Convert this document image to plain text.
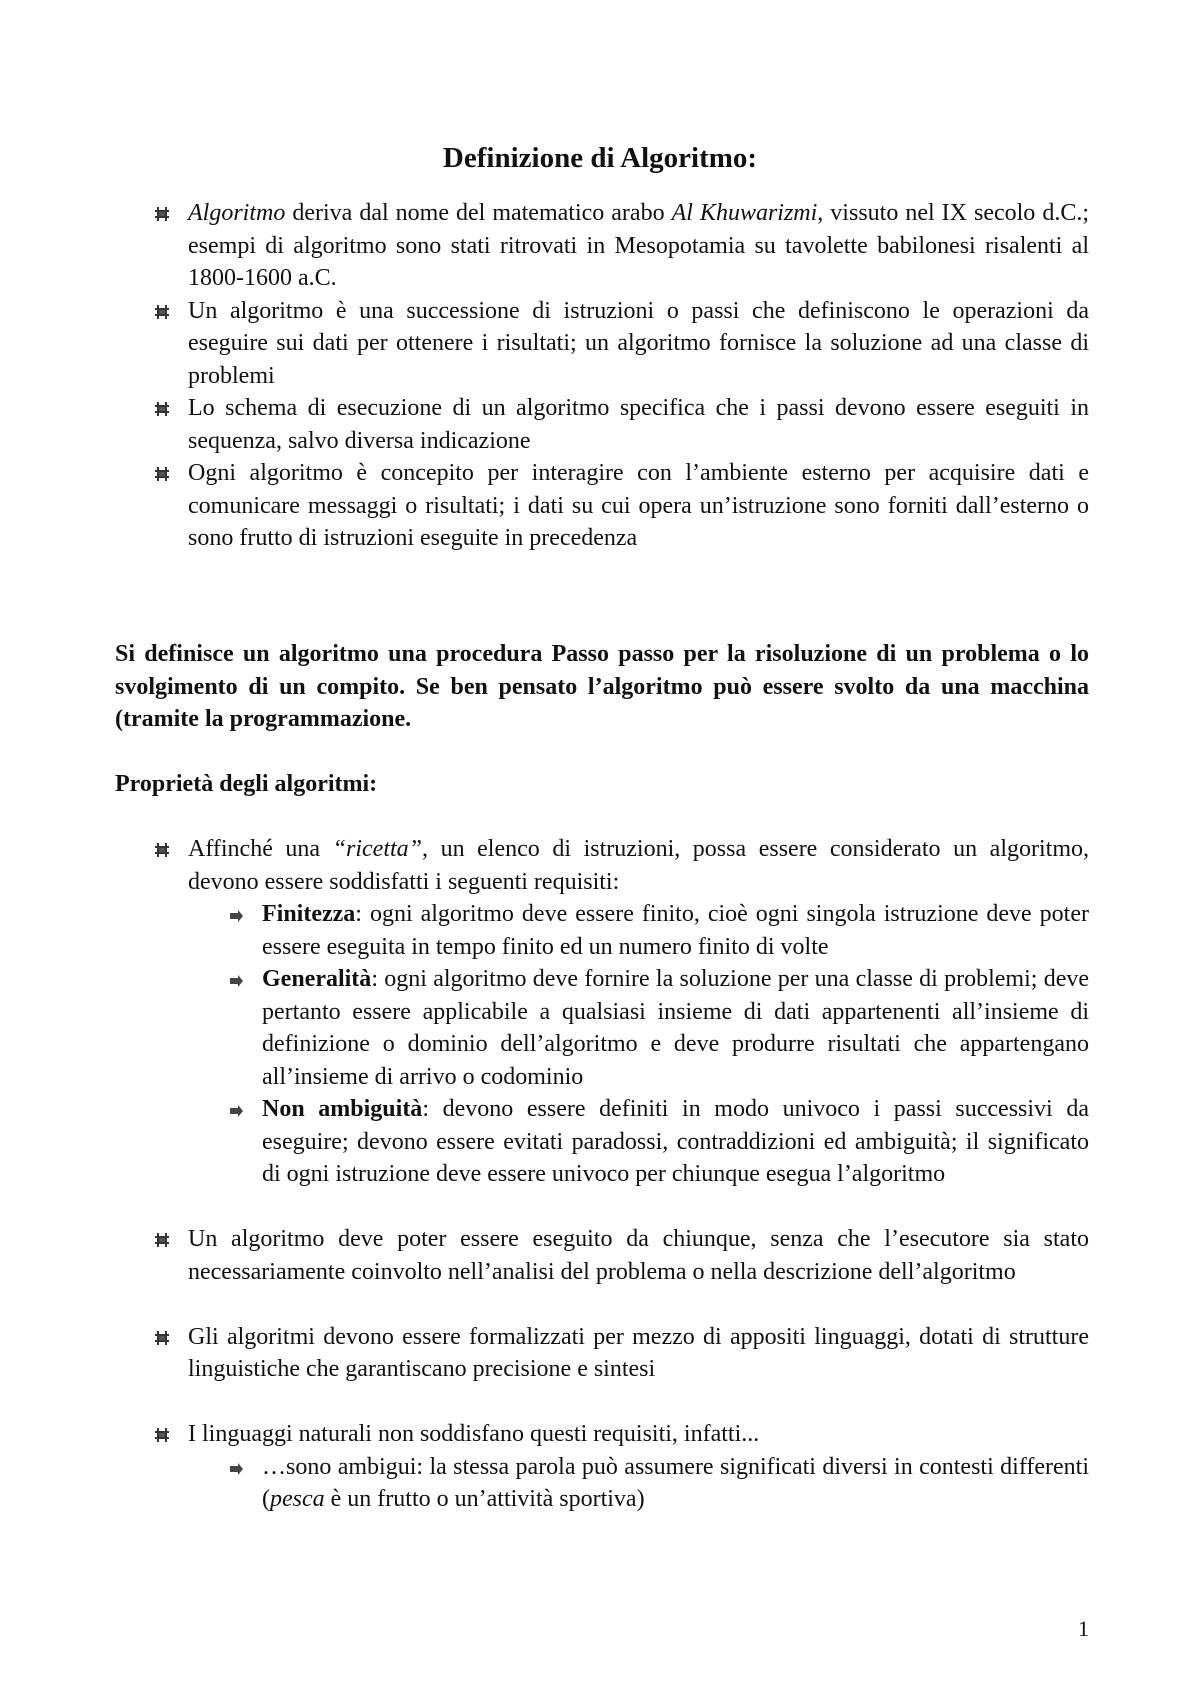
Definizione di Algoritmo:
Algoritmo deriva dal nome del matematico arabo Al Khuwarizmi, vissuto nel IX secolo d.C.; esempi di algoritmo sono stati ritrovati in Mesopotamia su tavolette babilonesi risalenti al 1800-1600 a.C.
Un algoritmo è una successione di istruzioni o passi che definiscono le operazioni da eseguire sui dati per ottenere i risultati; un algoritmo fornisce la soluzione ad una classe di problemi
Lo schema di esecuzione di un algoritmo specifica che i passi devono essere eseguiti in sequenza, salvo diversa indicazione
Ogni algoritmo è concepito per interagire con l’ambiente esterno per acquisire dati e comunicare messaggi o risultati; i dati su cui opera un’istruzione sono forniti dall’esterno o sono frutto di istruzioni eseguite in precedenza
Si definisce un algoritmo una procedura Passo passo per la risoluzione di un problema o lo svolgimento di un compito. Se ben pensato l’algoritmo può essere svolto da una macchina (tramite la programmazione.
Proprietà degli algoritmi:
Affinché una “ricetta”, un elenco di istruzioni, possa essere considerato un algoritmo, devono essere soddisfatti i seguenti requisiti:
Finitezza: ogni algoritmo deve essere finito, cioè ogni singola istruzione deve poter essere eseguita in tempo finito ed un numero finito di volte
Generalità: ogni algoritmo deve fornire la soluzione per una classe di problemi; deve pertanto essere applicabile a qualsiasi insieme di dati appartenenti all’insieme di definizione o dominio dell’algoritmo e deve produrre risultati che appartengano all’insieme di arrivo o codominio
Non ambiguità: devono essere definiti in modo univoco i passi successivi da eseguire; devono essere evitati paradossi, contraddizioni ed ambiguità; il significato di ogni istruzione deve essere univoco per chiunque esegua l’algoritmo
Un algoritmo deve poter essere eseguito da chiunque, senza che l’esecutore sia stato necessariamente coinvolto nell’analisi del problema o nella descrizione dell’algoritmo
Gli algoritmi devono essere formalizzati per mezzo di appositi linguaggi, dotati di strutture linguistiche che garantiscano precisione e sintesi
I linguaggi naturali non soddisfano questi requisiti, infatti...
…sono ambigui: la stessa parola può assumere significati diversi in contesti differenti (pesca è un frutto o un’attività sportiva)
1
